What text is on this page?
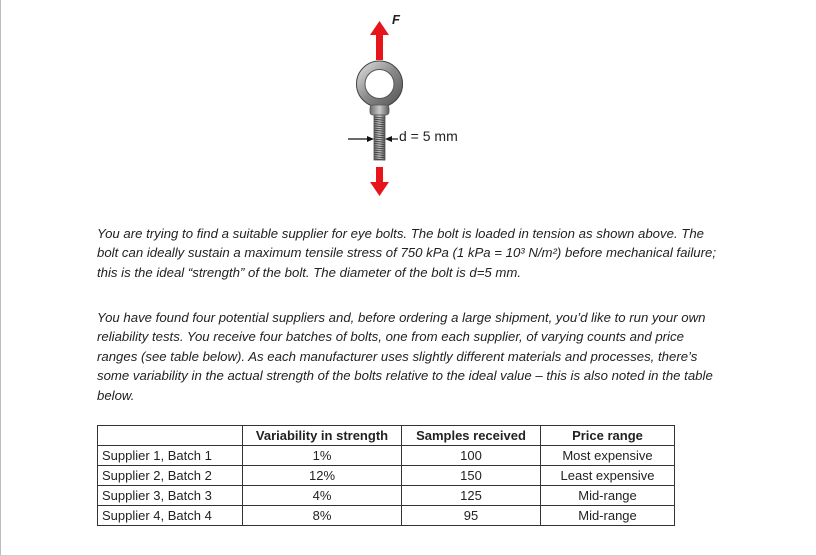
F
d = 5 mm

You are trying to find a suitable supplier for eye bolts. The bolt is loaded in tension as shown above. The bolt can ideally sustain a maximum tensile stress of 750 kPa (1 kPa = 10³ N/m²) before mechanical failure; this is the ideal “strength” of the bolt. The diameter of the bolt is d=5 mm.

You have found four potential suppliers and, before ordering a large shipment, you’d like to run your own reliability tests. You receive four batches of bolts, one from each supplier, of varying counts and price ranges (see table below). As each manufacturer uses slightly different materials and processes, there’s some variability in the actual strength of the bolts relative to the ideal value – this is also noted in the table below.

	Variability in strength	Samples received	Price range
Supplier 1, Batch 1	1%	100	Most expensive
Supplier 2, Batch 2	12%	150	Least expensive
Supplier 3, Batch 3	4%	125	Mid-range
Supplier 4, Batch 4	8%	95	Mid-range
